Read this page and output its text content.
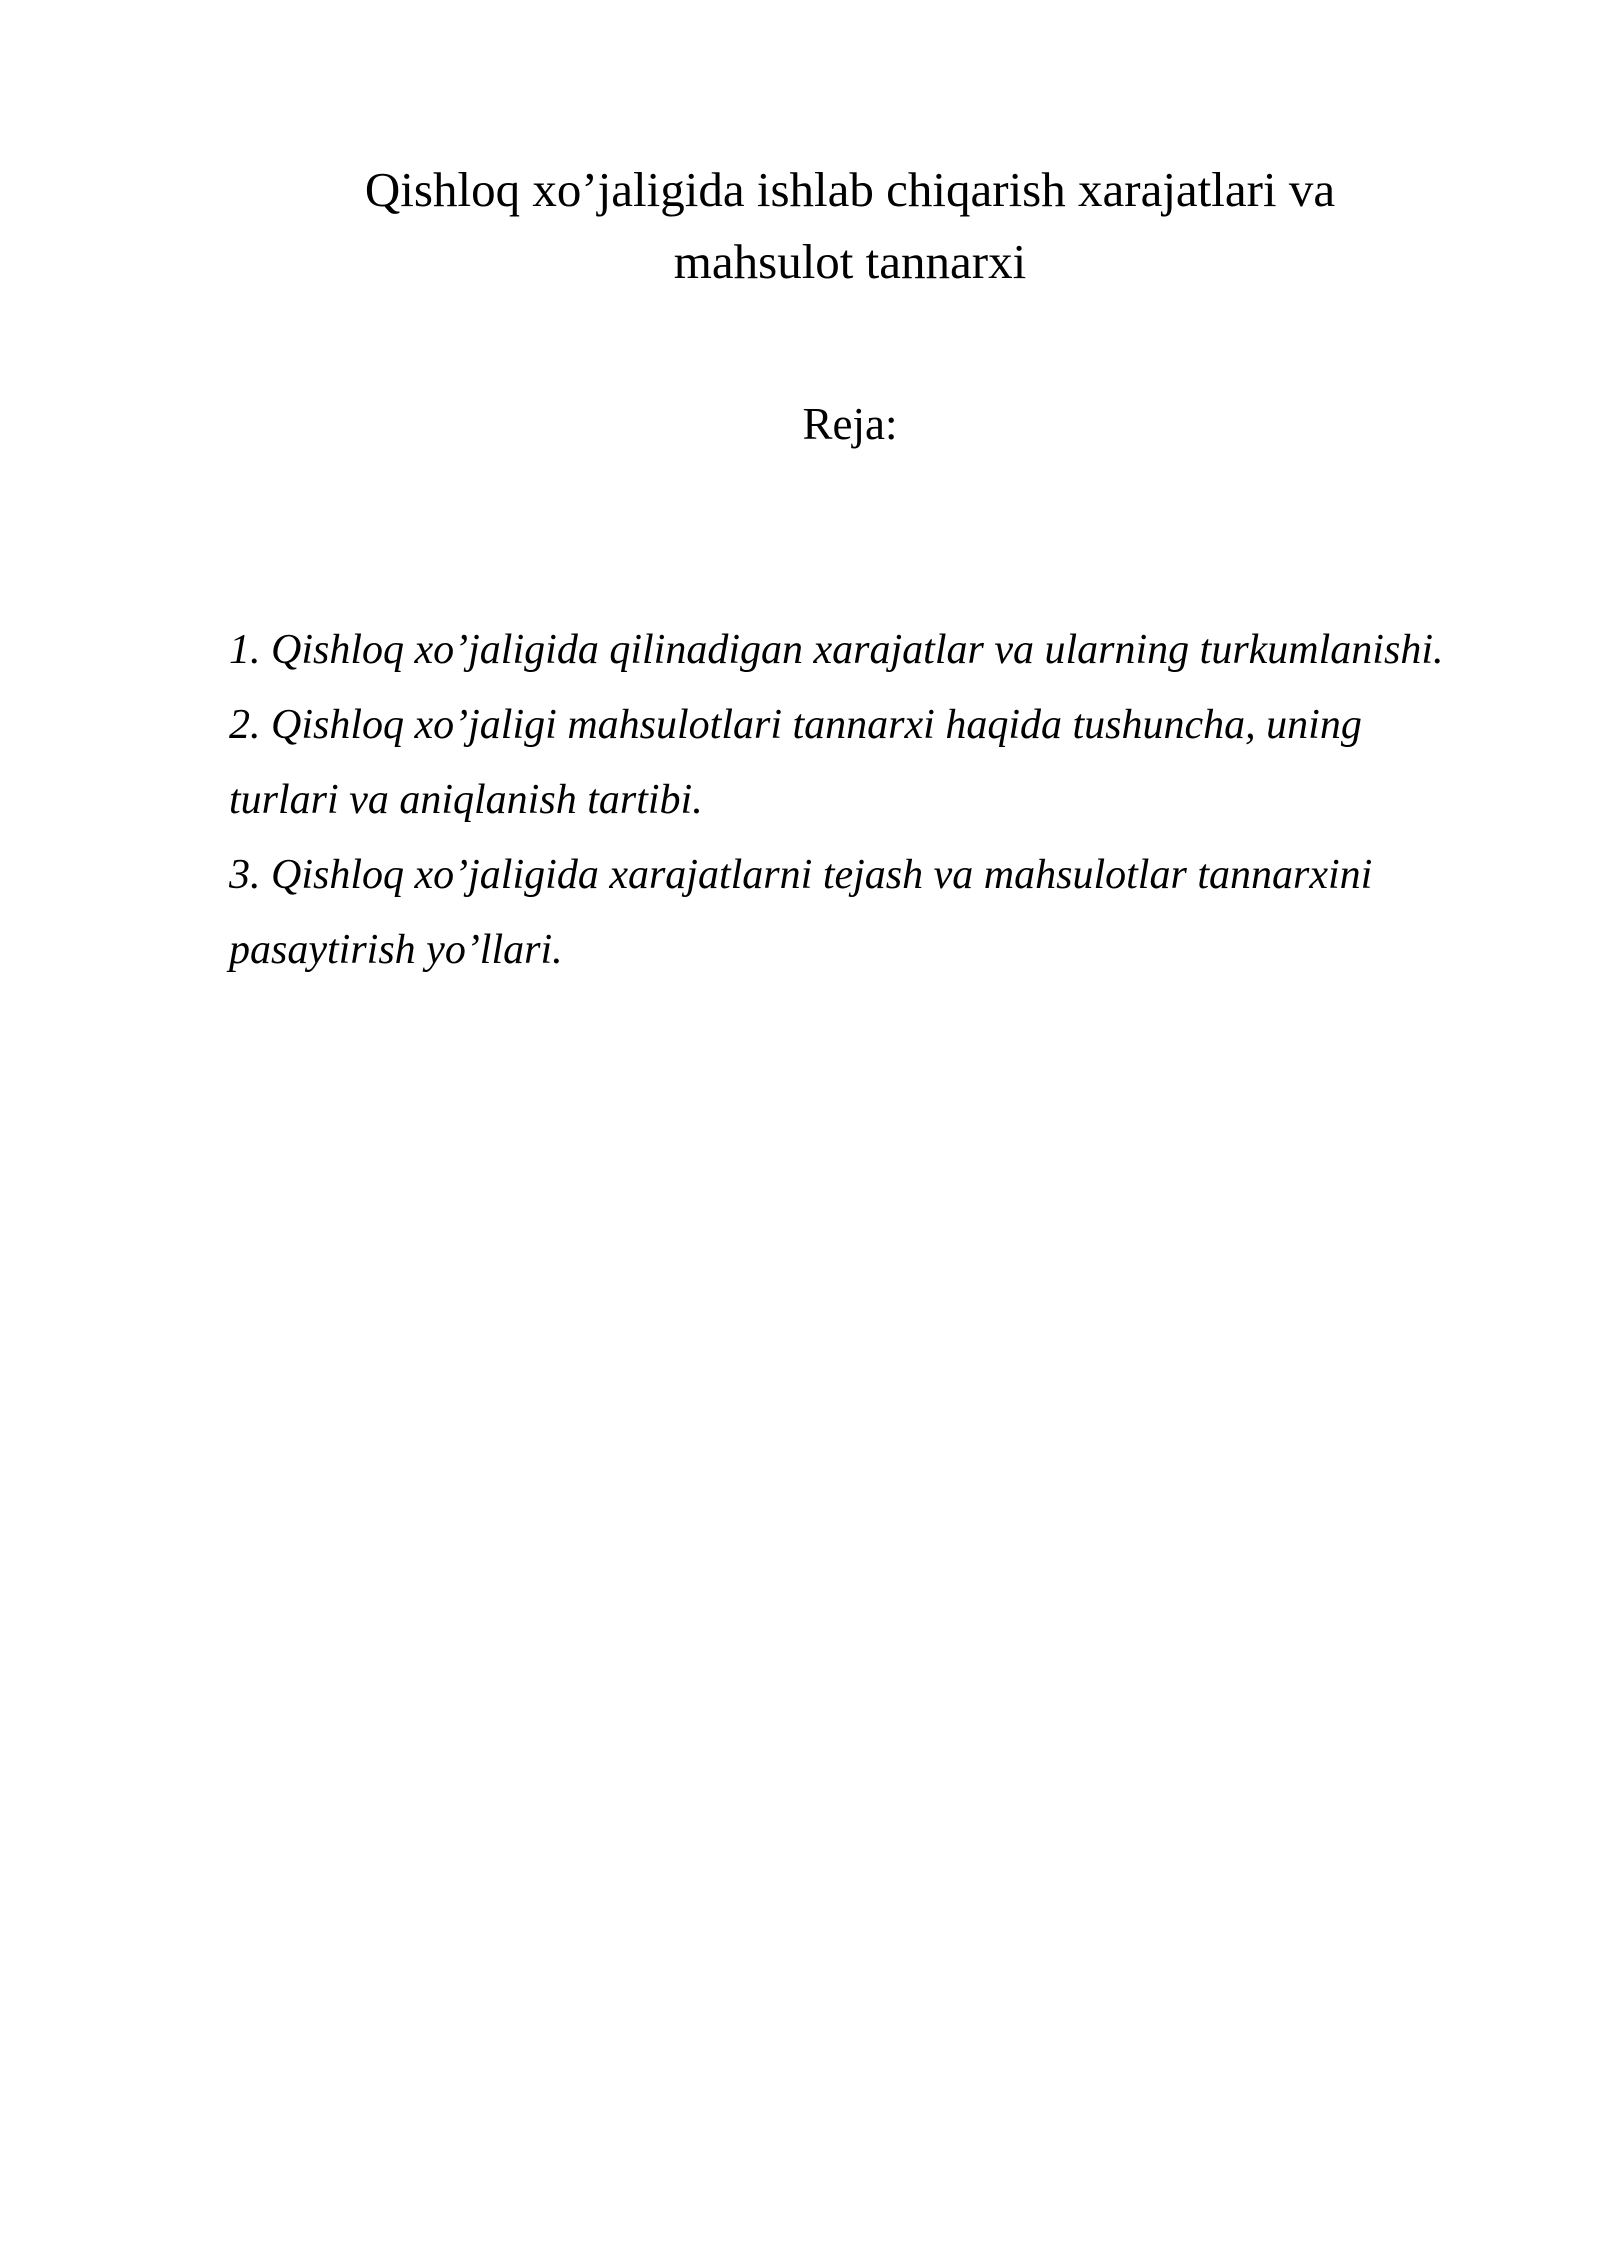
Qishloq xo’jaligida ishlab chiqarish xarajatlari va
mahsulot tannarxi
Reja:
1. Qishloq xo’jaligida qilinadigan xarajatlar va ularning turkumlanishi.
2. Qishloq xo’jaligi mahsulotlari tannarxi haqida tushuncha, uning
turlari va aniqlanish tartibi.
3. Qishloq xo’jaligida xarajatlarni tejash va mahsulotlar tannarxini
pasaytirish yo’llari.
